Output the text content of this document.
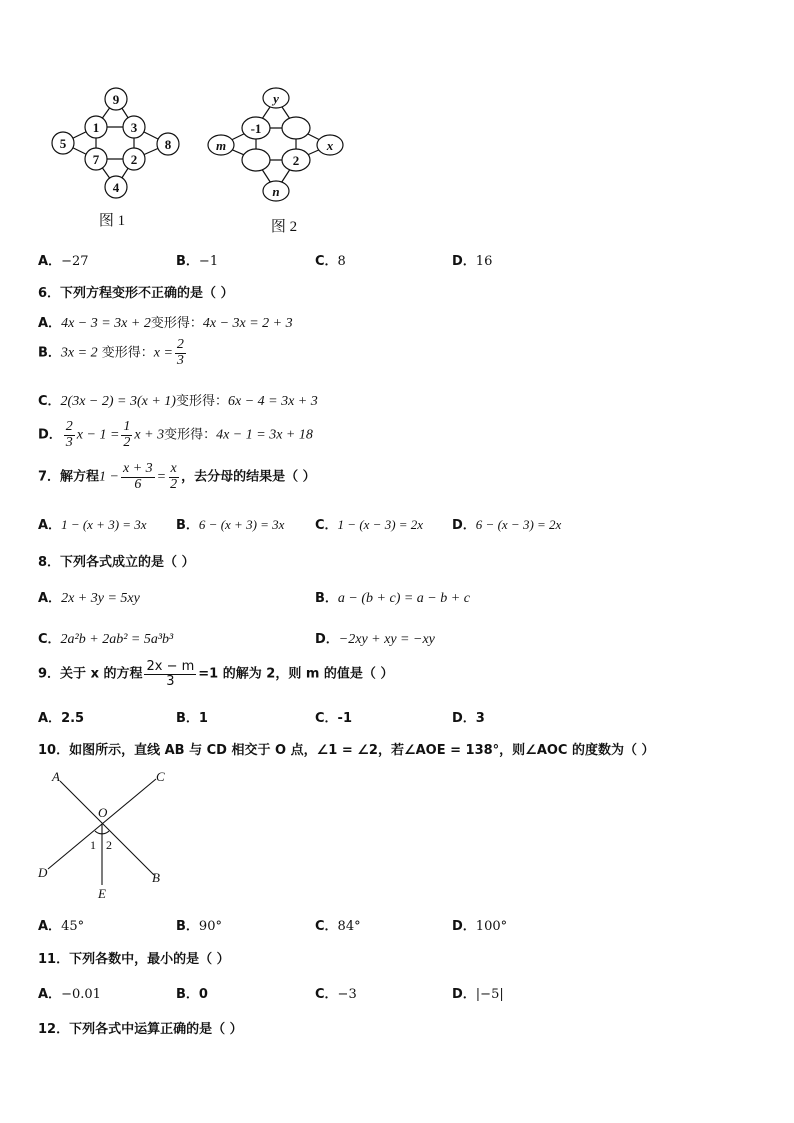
9
1 3
5	8
7 2
4
图 1
y
-1
m	x
2
n
图 2
A．−27	B．−1	C．8	D．16
6．下列方程变形不正确的是（ ）
A．4x − 3 = 3x + 2变形得：4x − 3x = 2 + 3
B．3x = 2 变形得：$x = \frac{2}{3}$
C．2(3x − 2) = 3(x + 1)变形得：6x − 4 = 3x + 3
D． $\frac{2}{3}$ $x - 1 = \frac{1}{2}$ x + 3变形得：4x − 1 = 3x + 18
7．解方程$1 - \frac{x + 3}{6} = \frac{x}{2}$ ，去分母的结果是（ ）
A．1 − (x + 3) = 3x B．6 − (x + 3) = 3x C．1 − (x − 3) = 2x D．6 − (x − 3) = 2x
8．下列各式成立的是（ ）
A．2x + 3y = 5xy	B．a − (b + c) = a − b + c
C．2a²b + 2ab² = 5a³b³	D．−2xy + xy = −xy
9．关于 x 的方程 $\frac{2x - m}{3} =1$ 的解为 2，则 m 的值是（ ）
A．2.5	B．1	C．-1	D．3
10．如图所示，直线 AB 与 CD 相交于 O 点，∠1 = ∠2，若∠AOE = 138°，则∠AOC 的度数为（ ）
A	C
O
D	B
E
1 2
A．45°	B．90°	C．84°	D．100°
11．下列各数中，最小的是（ ）
A．−0.01	B．0	C．−3	D．|−5|
12．下列各式中运算正确的是（ ）
